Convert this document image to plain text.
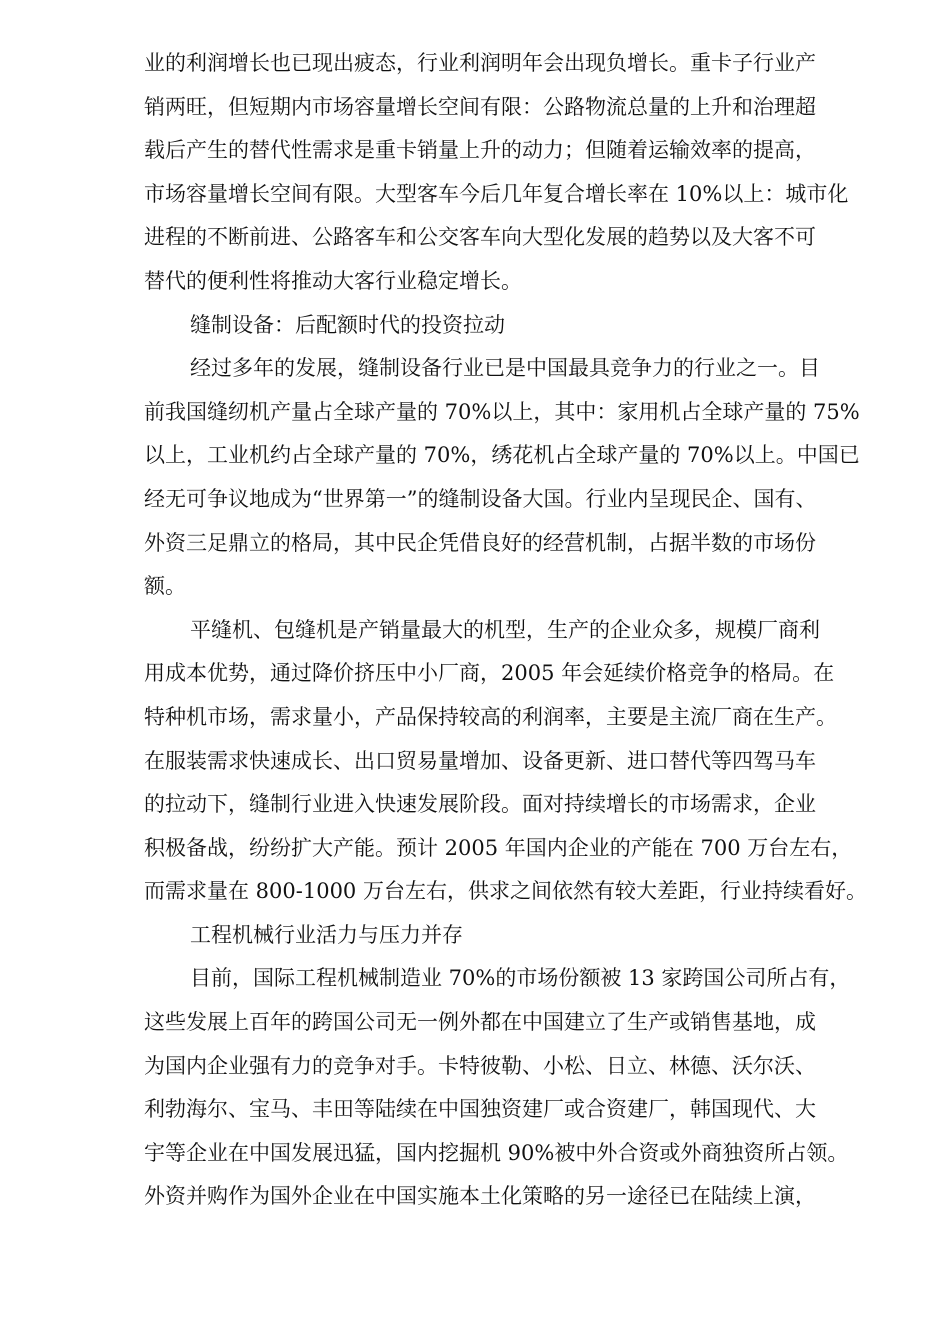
业的利润增长也已现出疲态，行业利润明年会出现负增长。重卡子行业产
销两旺，但短期内市场容量增长空间有限：公路物流总量的上升和治理超
载后产生的替代性需求是重卡销量上升的动力；但随着运输效率的提高，
市场容量增长空间有限。大型客车今后几年复合增长率在 10%以上：城市化
进程的不断前进、公路客车和公交客车向大型化发展的趋势以及大客不可
替代的便利性将推动大客行业稳定增长。
缝制设备：后配额时代的投资拉动
经过多年的发展，缝制设备行业已是中国最具竞争力的行业之一。目
前我国缝纫机产量占全球产量的 70%以上，其中：家用机占全球产量的 75%
以上，工业机约占全球产量的 70%，绣花机占全球产量的 70%以上。中国已
经无可争议地成为“世界第一”的缝制设备大国。行业内呈现民企、国有、
外资三足鼎立的格局，其中民企凭借良好的经营机制，占据半数的市场份
额。
平缝机、包缝机是产销量最大的机型，生产的企业众多，规模厂商利
用成本优势，通过降价挤压中小厂商，2005 年会延续价格竞争的格局。在
特种机市场，需求量小，产品保持较高的利润率，主要是主流厂商在生产。
在服装需求快速成长、出口贸易量增加、设备更新、进口替代等四驾马车
的拉动下，缝制行业进入快速发展阶段。面对持续增长的市场需求，企业
积极备战，纷纷扩大产能。预计 2005 年国内企业的产能在 700 万台左右，
而需求量在 800-1000 万台左右，供求之间依然有较大差距，行业持续看好。
工程机械行业活力与压力并存
目前，国际工程机械制造业 70%的市场份额被 13 家跨国公司所占有，
这些发展上百年的跨国公司无一例外都在中国建立了生产或销售基地，成
为国内企业强有力的竞争对手。卡特彼勒、小松、日立、林德、沃尔沃、
利勃海尔、宝马、丰田等陆续在中国独资建厂或合资建厂，韩国现代、大
宇等企业在中国发展迅猛，国内挖掘机 90%被中外合资或外商独资所占领。
外资并购作为国外企业在中国实施本土化策略的另一途径已在陆续上演，
